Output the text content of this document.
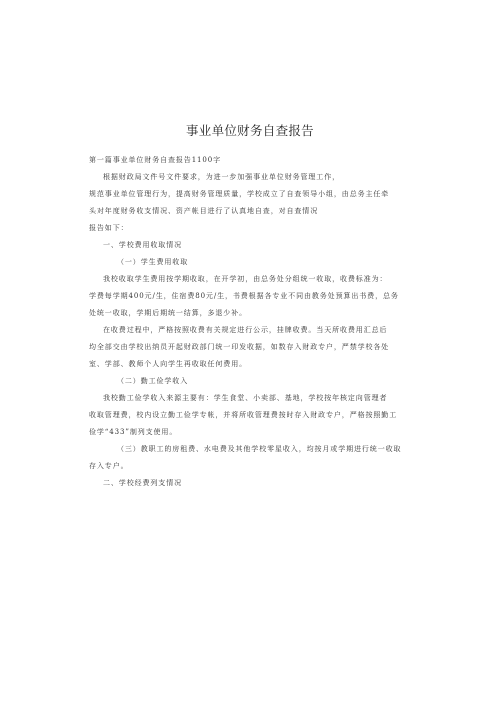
事业单位财务自查报告
第一篇事业单位财务自查报告1100字
根据财政局文件号文件要求，为进一步加强事业单位财务管理工作，
规范事业单位管理行为，提高财务管理质量，学校成立了自查领导小组，由总务主任牵
头对年度财务收支情况、资产帐目进行了认真地自查，对自查情况
报告如下：
一、学校费用收取情况
（一）学生费用收取
我校收取学生费用按学期收取，在开学初，由总务处分组统一收取，收费标准为：
学费每学期400元/生，住宿费80元/生，书费根据各专业不同由教务处预算出书费，总务
处统一收取，学期后期统一结算，多退少补。
在收费过程中，严格按照收费有关规定进行公示，挂牌收费。当天所收费用汇总后
均全部交由学校出纳员开起财政部门统一印发收据，如数存入财政专户，严禁学校各处
室、学部、教师个人向学生再收取任何费用。
（二）勤工俭学收入
我校勤工俭学收入来源主要有：学生食堂、小卖部、基地，学校按年核定向管理者
收取管理费，校内设立勤工俭学专帐，并将所收管理费按时存入财政专户，严格按照勤工
俭学“433”制列支使用。
（三）教职工的房租费、水电费及其他学校零星收入，均按月或学期进行统一收取
存入专户。
二、学校经费列支情况
